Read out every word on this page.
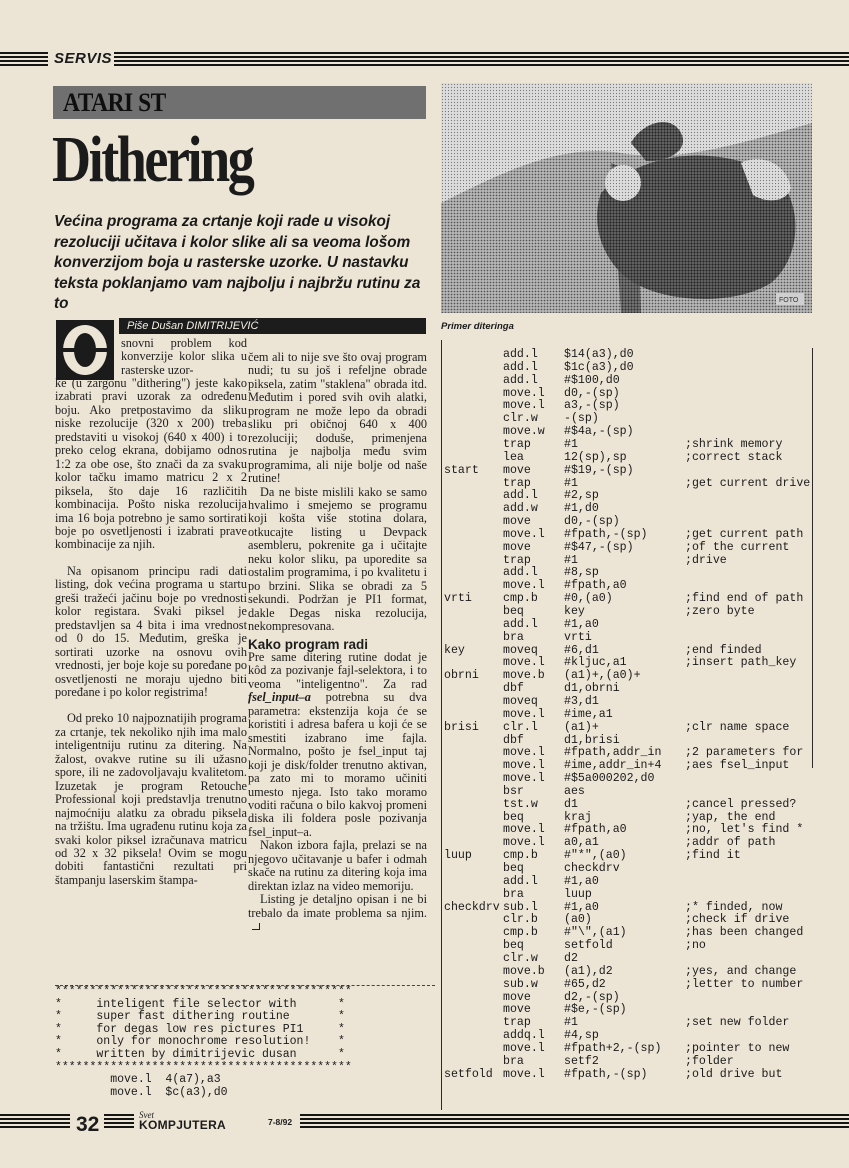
SERVIS
ATARI ST
Dithering
Većina programa za crtanje koji rade u visokoj rezoluciji učitava i kolor slike ali sa veoma lošom konverzijom boja u rasterske uzorke. U nastavku teksta poklanjamo vam najbolju i najbržu rutinu za to	FOTO
Primer diteringa
Piše Dušan DIMITRIJEVIĆ

snovni problem kod konverzije kolor slika u rasterske uzor-

ke (u žargonu "dithering") jeste kako izabrati pravi uzorak za određenu boju. Ako pretpostavimo da sliku niske rezolucije (320 x 200) treba predstaviti u visokoj (640 x 400) i to preko celog ekrana, dobijamo odnos 1:2 za obe ose, što znači da za svaku kolor tačku imamo matricu 2 x 2 piksela, što daje 16 različitih kombinacija. Pošto niska rezolucija ima 16 boja potrebno je samo sortirati boje po osvetljenosti i izabrati prave kombinacije za njih.

Na opisanom principu radi dati listing, dok većina programa u startu greši tražeći jačinu boje po vrednosti kolor registara. Svaki piksel je predstavljen sa 4 bita i ima vrednost od 0 do 15. Međutim, greška je sortirati uzorke na osnovu ovih vrednosti, jer boje koje su poređane po osvetljenosti ne moraju ujedno biti poređane i po kolor registrima!

Od preko 10 najpoznatijih programa za crtanje, tek nekoliko njih ima malo inteligentniju rutinu za ditering. Na žalost, ovakve rutine su ili užasno spore, ili ne zadovoljavaju kvalitetom. Izuzetak je program Retouche Professional koji predstavlja trenutno najmoćniju alatku za obradu piksela na tržištu. Ima ugrađenu rutinu koja za svaki kolor piksel izračunava matricu od 32 x 32 piksela! Ovim se mogu dobiti fantastični rezultati pri štampanju laserskim štampa-

čem ali to nije sve što ovaj program nudi; tu su još i refeljne obrade piksela, zatim "staklena" obrada itd. Međutim i pored svih ovih alatki, program ne može lepo da obradi sliku pri običnoj 640 x 400 rezoluciji; doduše, primenjena rutina je najbolja među svim programima, ali nije bolje od naše rutine!

Da ne biste mislili kako se samo hvalimo i smejemo se programu koji košta više stotina dolara, otkucajte listing u Devpack asembleru, pokrenite ga i učitajte neku kolor sliku, pa uporedite sa ostalim programima, i po kvalitetu i po brzini. Slika se obradi za 5 sekundi. Podržan je PI1 format, dakle Degas niska rezolucija, nekompresovana.

Kako program radi

Pre same ditering rutine dodat je kôd za pozivanje fajl-selektora, i to veoma "inteligentno". Za rad fsel_input–a potrebna su dva parametra: ekstenzija koja će se koristiti i adresa bafera u koji će se smestiti izabrano ime fajla. Normalno, pošto je fsel_input taj koji je disk/folder trenutno aktivan, pa zato mi to moramo učiniti umesto njega. Isto tako moramo voditi računa o bilo kakvoj promeni diska ili foldera posle pozivanja fsel_input–a.

Nakon izbora fajla, prelazi se na njegovo učitavanje u bafer i odmah skače na rutinu za ditering koja ima direktan izlaz na video memoriju.

Listing je detaljno opisan i ne bi trebalo da imate problema sa njim.

*******************************************
*     inteligent file selector with      *
*     super fast dithering routine       *
*     for degas low res pictures PI1     *
*     only for monochrome resolution!    *
*     written by dimitrijevic dusan      *
*******************************************
move.l  4(a7),a3
move.l  $c(a3),d0
add.l $14(a3),d0
add.l $1c(a3),d0
add.l #$100,d0
move.l d0,-(sp)
move.l a3,-(sp)
clr.w -(sp)
move.w #$4a,-(sp)
trap	#1	;shrink memory
lea	12(sp),sp	;correct stack
start move	#$19,-(sp)
trap	#1	;get current drive
add.l #2,sp
add.w #1,d0
move	d0,-(sp)
move.l #fpath,-(sp)	;get current path
move	#$47,-(sp)	;of the current
trap	#1	;drive
add.l #8,sp
move.l #fpath,a0
vrti	cmp.b #0,(a0)	;find end of path
beq	key	;zero byte
add.l #1,a0
bra	vrti
key	moveq #6,d1	;end finded
move.l #kljuc,a1	;insert path_key
obrni move.b (a1)+,(a0)+
dbf	d1,obrni
moveq #3,d1
move.l #ime,a1
brisi clr.l (a1)+	;clr name space
dbf	d1,brisi
move.l #fpath,addr_in ;2 parameters for
move.l #ime,addr_in+4 ;aes fsel_input
move.l #$5a000202,d0
bsr	aes
tst.w d1	;cancel pressed?
beq	kraj	;yap, the end
move.l #fpath,a0	;no, let's find *
move.l a0,a1	;addr of path
luup	cmp.b #"*",(a0)	;find it
beq	checkdrv
add.l #1,a0
bra	luup
checkdrv sub.l #1,a0	;* finded, now
clr.b (a0)	;check if drive
cmp.b #"\",(a1)	;has been changed
beq	setfold	;no
clr.w d2
move.b (a1),d2	;yes, and change
sub.w #65,d2	;letter to number
move	d2,-(sp)
move	#$e,-(sp)
trap	#1	;set new folder
addq.l #4,sp
move.l #fpath+2,-(sp) ;pointer to new
bra	setf2	;folder
setfold move.l #fpath,-(sp)	;old drive but
32	Svet
KOMPJUTERA	7-8/92
